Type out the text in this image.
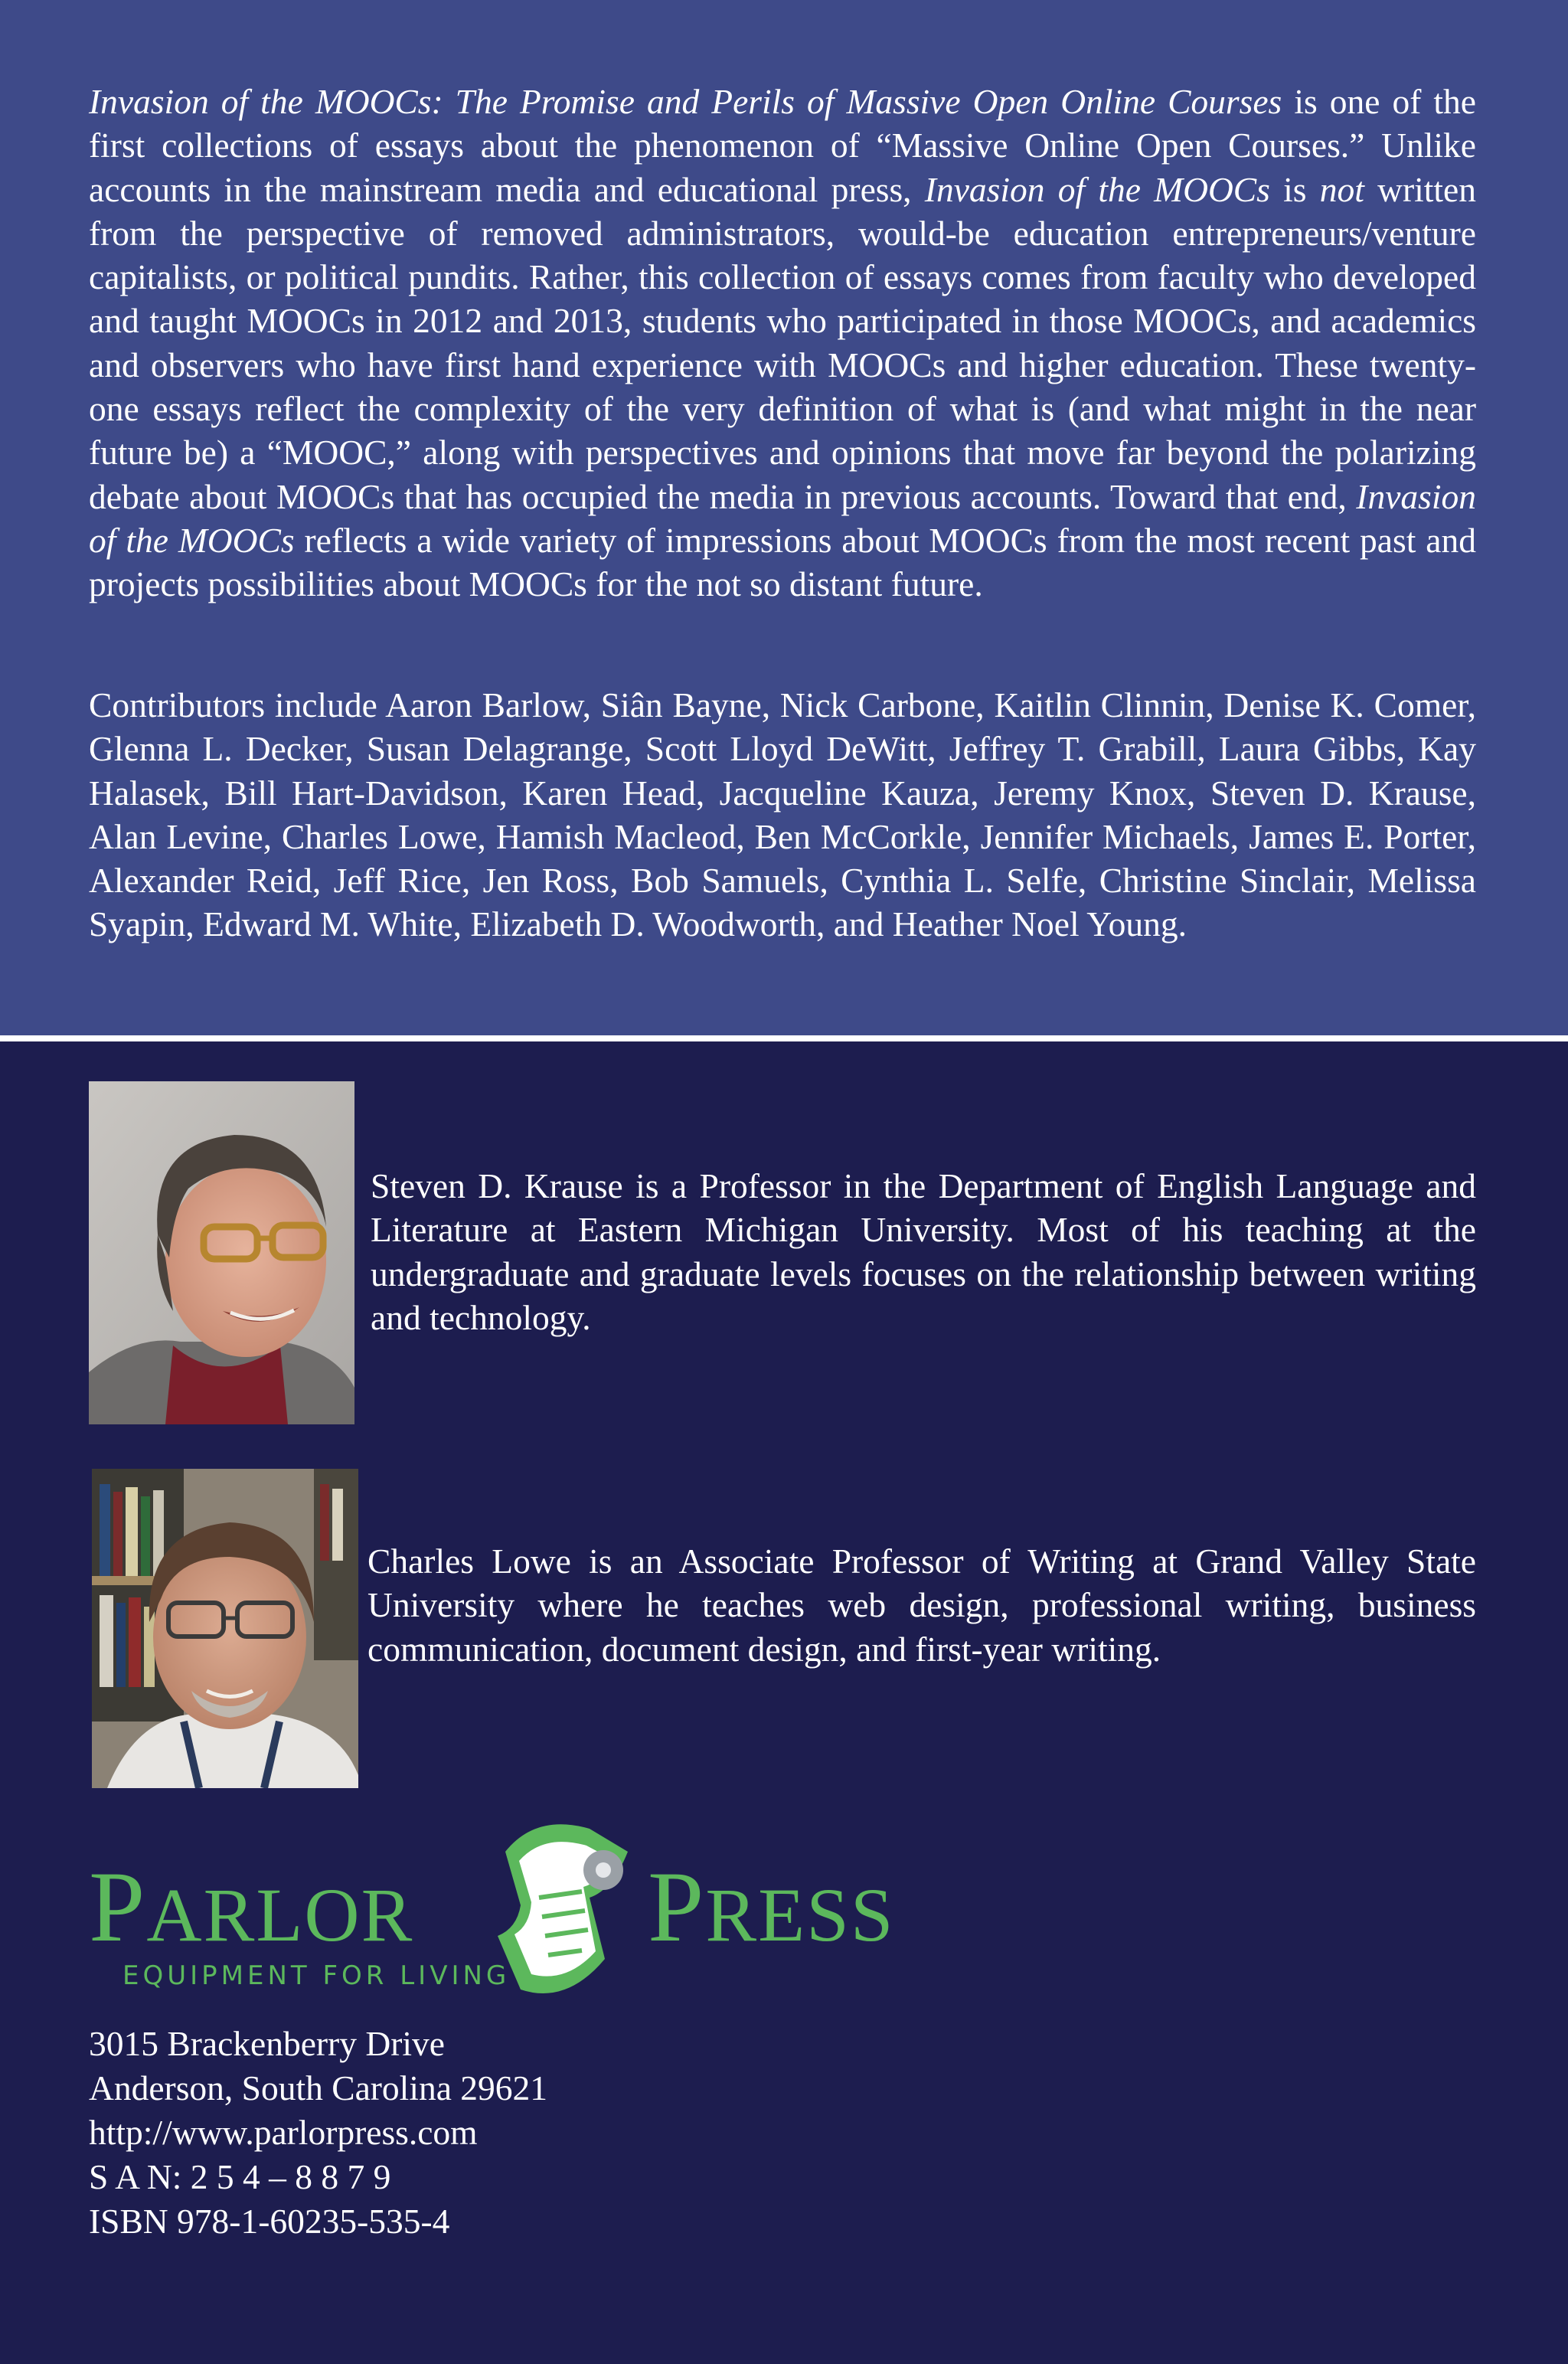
Invasion of the MOOCs: The Promise and Perils of Massive Open Online Courses is one of the first collections of essays about the phenomenon of “Massive Online Open Courses.” Unlike accounts in the mainstream media and educational press, Invasion of the MOOCs is not written from the perspective of removed administrators, would-be education entrepreneurs/venture capitalists, or political pundits. Rather, this collection of essays comes from faculty who developed and taught MOOCs in 2012 and 2013, students who participated in those MOOCs, and academics and observers who have first hand experience with MOOCs and higher education. These twenty-one essays reflect the complexity of the very definition of what is (and what might in the near future be) a “MOOC,” along with perspectives and opinions that move far beyond the polarizing debate about MOOCs that has occupied the media in previous accounts. Toward that end, Invasion of the MOOCs reflects a wide variety of impressions about MOOCs from the most recent past and projects possibilities about MOOCs for the not so distant future.

Contributors include Aaron Barlow, Siân Bayne, Nick Carbone, Kaitlin Clinnin, Denise K. Comer, Glenna L. Decker, Susan Delagrange, Scott Lloyd DeWitt, Jeffrey T. Grabill, Laura Gibbs, Kay Halasek, Bill Hart-Davidson, Karen Head, Jacqueline Kauza, Jeremy Knox, Steven D. Krause, Alan Levine, Charles Lowe, Hamish Macleod, Ben McCorkle, Jennifer Michaels, James E. Porter, Alexander Reid, Jeff Rice, Jen Ross, Bob Samuels, Cynthia L. Selfe, Christine Sinclair, Melissa Syapin, Edward M. White, Elizabeth D. Woodworth, and Heather Noel Young.

Steven D. Krause is a Professor in the Department of English Language and Literature at Eastern Michigan University. Most of his teaching at the undergraduate and graduate levels focuses on the relationship between writing and technology.

Charles Lowe is an Associate Professor of Writing at Grand Valley State University where he teaches web design, professional writing, business communication, document design, and first-year writing.

PARLOR PRESS
EQUIPMENT FOR LIVING
3015 Brackenberry Drive
Anderson, South Carolina 29621
http://www.parlorpress.com
S A N: 2 5 4 – 8 8 7 9
ISBN 978-1-60235-535-4
